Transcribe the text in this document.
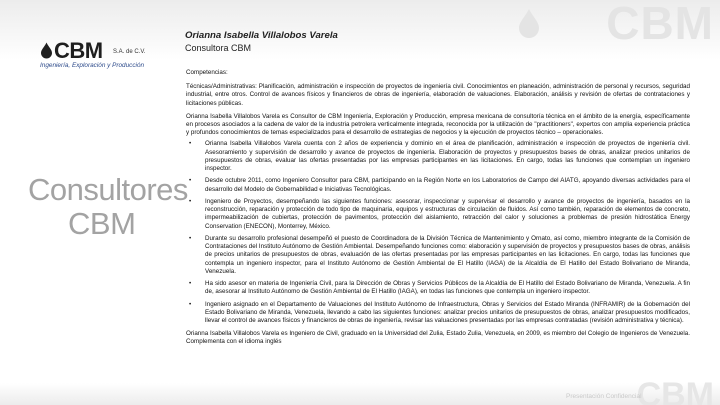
CBM
CBM S.A. de C.V.
Ingeniería, Exploración y Producción
Consultores
CBM
Orianna Isabella Villalobos Varela
Consultora CBM

Competencias:

Técnicas/Administrativas: Planificación, administración e inspección de proyectos de ingeniería civil. Conocimientos en planeación, administración de personal y recursos, seguridad industrial, entre otros. Control de avances físicos y financieros de obras de ingeniería, elaboración de valuaciones. Elaboración, análisis y revisión de ofertas de contrataciones y licitaciones públicas.

Orianna Isabella Villalobos Varela es Consultor de CBM Ingeniería, Exploración y Producción, empresa mexicana de consultoría técnica en el ámbito de la energía, específicamente en procesos asociados a la cadena de valor de la industria petrolera verticalmente integrada, reconocida por la utilización de "practitioners", expertos con amplia experiencia práctica y profundos conocimientos de temas especializados para el desarrollo de estrategias de negocios y la ejecución de proyectos técnico – operacionales.

• Orianna Isabella Villalobos Varela cuenta con 2 años de experiencia y dominio en el área de planificación, administración e inspección de proyectos de ingeniería civil. Asesoramiento y supervisión de desarrollo y avance de proyectos de ingeniería. Elaboración de proyectos y presupuestos bases de obras, analizar precios unitarios de presupuestos de obras, evaluar las ofertas presentadas por las empresas participantes en las licitaciones. En cargo, todas las funciones que contemplan un ingeniero inspector.
• Desde octubre 2011, como Ingeniero Consultor para CBM, participando en la Región Norte en los Laboratorios de Campo del AIATG, apoyando diversas actividades para el desarrollo del Modelo de Gobernabilidad e Iniciativas Tecnológicas.
• Ingeniero de Proyectos, desempeñando las siguientes funciones: asesorar, inspeccionar y supervisar el desarrollo y avance de proyectos de ingeniería, basados en la reconstrucción, reparación y protección de todo tipo de maquinaria, equipos y estructuras de circulación de fluidos. Así como también, reparación de elementos de concreto, impermeabilización de cubiertas, protección de pavimentos, protección del aislamiento, retracción del calor y soluciones a problemas de presión hidrostática Energy Conservation (ENECON), Monterrey, México.
• Durante su desarrollo profesional desempeñó el puesto de Coordinadora de la División Técnica de Mantenimiento y Ornato, así como, miembro integrante de la Comisión de Contrataciones del Instituto Autónomo de Gestión Ambiental. Desempeñando funciones como: elaboración y supervisión de proyectos y presupuestos bases de obras, análisis de precios unitarios de presupuestos de obras, evaluación de las ofertas presentadas por las empresas participantes en las licitaciones. En cargo, todas las funciones que contempla un ingeniero inspector, para el Instituto Autónomo de Gestión Ambiental de El Hatillo (IAGA) de la Alcaldía de El Hatillo del Estado Bolivariano de Miranda, Venezuela.
• Ha sido asesor en materia de Ingeniería Civil, para la Dirección de Obras y Servicios Públicos de la Alcaldía de El Hatillo del Estado Bolivariano de Miranda, Venezuela. A fin de, asesorar al Instituto Autónomo de Gestión Ambiental de El Hatillo (IAGA), en todas las funciones que contempla un ingeniero inspector.
• Ingeniero asignado en el Departamento de Valuaciones del Instituto Autónomo de Infraestructura, Obras y Servicios del Estado Miranda (INFRAMIR) de la Gobernación del Estado Bolivariano de Miranda, Venezuela, llevando a cabo las siguientes funciones: analizar precios unitarios de presupuestos de obras, analizar presupuestos modificados, llevar el control de avances físicos y financieros de obras de ingeniería, revisar las valuaciones presentadas por las empresas contratadas (revisión administrativa y técnica).

Orianna Isabella Villalobos Varela es Ingeniero de Civil, graduado en la Universidad del Zulia, Estado Zulia, Venezuela, en 2009, es miembro del Colegio de Ingenieros de Venezuela. Complementa con el idioma inglés

CBM
Presentación Confidencial
